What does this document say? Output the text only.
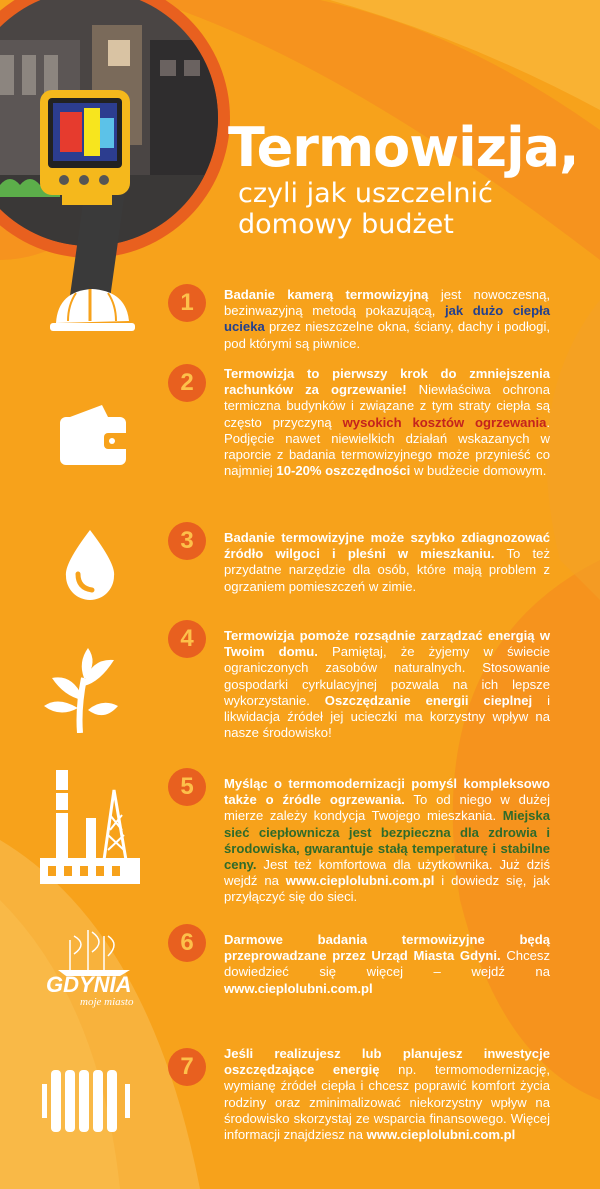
Termowizja,
czyli jak uszczelnić
domowy budżet
GDYNIA
moje miasto
1
2
3
4
5
6
7
Badanie kamerą termowizyjną jest nowoczesną, bezinwazyjną metodą pokazującą, jak dużo ciepła ucieka przez nieszczelne okna, ściany, dachy i podłogi, pod którymi są piwnice.
Termowizja to pierwszy krok do zmniejszenia rachunków za ogrzewanie! Niewłaściwa ochrona termiczna budynków i związane z tym straty ciepła są często przyczyną wysokich kosztów ogrzewania. Podjęcie nawet niewielkich działań wskazanych w raporcie z badania termowizyjnego może przynieść co najmniej 10-20% oszczędności w budżecie domowym.
Badanie termowizyjne może szybko zdiagnozować źródło wilgoci i pleśni w mieszkaniu. To też przydatne narzędzie dla osób, które mają problem z ogrzaniem pomieszczeń w zimie.
Termowizja pomoże rozsądnie zarządzać energią w Twoim domu. Pamiętaj, że żyjemy w świecie ograniczonych zasobów naturalnych. Stosowanie gospodarki cyrkulacyjnej pozwala na ich lepsze wykorzystanie. Oszczędzanie energii cieplnej i likwidacja źródeł jej ucieczki ma korzystny wpływ na nasze środowisko!
Myśląc o termomodernizacji pomyśl kompleksowo także o źródle ogrzewania. To od niego w dużej mierze zależy kondycja Twojego mieszkania. Miejska sieć ciepłownicza jest bezpieczna dla zdrowia i środowiska, gwarantuje stałą temperaturę i stabilne ceny. Jest też komfortowa dla użytkownika. Już dziś wejdź na www.cieplolubni.com.pl i dowiedz się, jak przyłączyć się do sieci.
Darmowe badania termowizyjne będą przeprowadzane przez Urząd Miasta Gdyni. Chcesz dowiedzieć się więcej – wejdź na www.cieplolubni.com.pl
Jeśli realizujesz lub planujesz inwestycje oszczędzające energię np. termomodernizację, wymianę źródeł ciepła i chcesz poprawić komfort życia rodziny oraz zminimalizować niekorzystny wpływ na środowisko skorzystaj ze wsparcia finansowego. Więcej informacji znajdziesz na www.cieplolubni.com.pl
